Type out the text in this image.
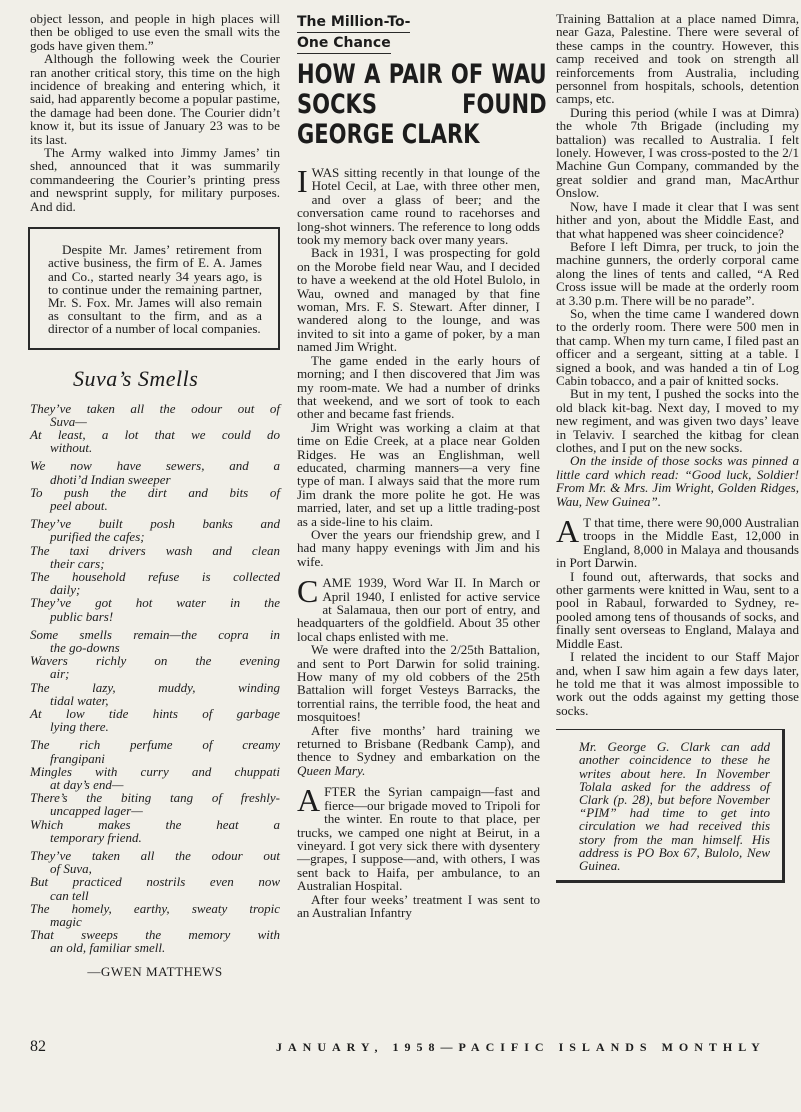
object lesson, and people in high places will then be obliged to use even the small wits the gods have given them.”

Although the following week the Courier ran another critical story, this time on the high incidence of breaking and entering which, it said, had apparently become a popular pastime, the damage had been done. The Courier didn’t know it, but its issue of January 23 was to be its last.

The Army walked into Jimmy James’ tin shed, announced that it was summarily commandeering the Courier’s printing press and newsprint supply, for military purposes. And did.

Despite Mr. James’ retirement from active business, the firm of E. A. James and Co., started nearly 34 years ago, is to continue under the remaining partner, Mr. S. Fox. Mr. James will also remain as consultant to the firm, and as a director of a number of local companies.

Suva’s Smells
They’ve taken all the odour out of
Suva—
At least, a lot that we could do
without.
We now have sewers, and a
dhoti’d Indian sweeper
To push the dirt and bits of
peel about.
They’ve built posh banks and
purified the cafes;
The taxi drivers wash and clean
their cars;
The household refuse is collected
daily;
They’ve got hot water in the
public bars!
Some smells remain—the copra in
the go-downs
Wavers richly on the evening
air;
The lazy, muddy, winding
tidal water,
At low tide hints of garbage
lying there.
The rich perfume of creamy
frangipani
Mingles with curry and chuppati
at day’s end—
There’s the biting tang of freshly-
uncapped lager—
Which makes the heat a
temporary friend.
They’ve taken all the odour out
of Suva,
But practiced nostrils even now
can tell
The homely, earthy, sweaty tropic
magic
That sweeps the memory with
an old, familiar smell.
—GWEN MATTHEWS
The Million-To-
One Chance
HOW A PAIR OF WAU SOCKS FOUND GEORGE CLARK

IWAS sitting recently in that lounge of the Hotel Cecil, at Lae, with three other men, and over a glass of beer; and the conversation came round to racehorses and long-shot winners. The reference to long odds took my memory back over many years.

Back in 1931, I was prospecting for gold on the Morobe field near Wau, and I decided to have a weekend at the old Hotel Bulolo, in Wau, owned and managed by that fine woman, Mrs. F. S. Stewart. After dinner, I wandered along to the lounge, and was invited to sit into a game of poker, by a man named Jim Wright.

The game ended in the early hours of morning; and I then discovered that Jim was my room-mate. We had a number of drinks that weekend, and we sort of took to each other and became fast friends.

Jim Wright was working a claim at that time on Edie Creek, at a place near Golden Ridges. He was an Englishman, well educated, charming manners—a very fine type of man. I always said that the more rum Jim drank the more polite he got. He was married, later, and set up a little trading-post as a side-line to his claim.

Over the years our friendship grew, and I had many happy evenings with Jim and his wife.

CAME 1939, Word War II. In March or April 1940, I enlisted for active service at Salamaua, then our port of entry, and headquarters of the goldfield. About 35 other local chaps enlisted with me.

We were drafted into the 2/25th Battalion, and sent to Port Darwin for solid training. How many of my old cobbers of the 25th Battalion will forget Vesteys Barracks, the torrential rains, the terrible food, the heat and mosquitoes!

After five months’ hard training we returned to Brisbane (Redbank Camp), and thence to Sydney and embarkation on the Queen Mary.

AFTER the Syrian campaign—fast and fierce—our brigade moved to Tripoli for the winter. En route to that place, per trucks, we camped one night at Beirut, in a vineyard. I got very sick there with dysentery—grapes, I suppose—and, with others, I was sent back to Haifa, per ambulance, to an Australian Hospital.

After four weeks’ treatment I was sent to an Australian Infantry

Training Battalion at a place named Dimra, near Gaza, Palestine. There were several of these camps in the country. However, this camp received and took on strength all reinforcements from Australia, including personnel from hospitals, schools, detention camps, etc.

During this period (while I was at Dimra) the whole 7th Brigade (including my battalion) was recalled to Australia. I felt lonely. However, I was cross-posted to the 2/1 Machine Gun Company, commanded by the great soldier and grand man, MacArthur Onslow.

Now, have I made it clear that I was sent hither and yon, about the Middle East, and that what happened was sheer coincidence?

Before I left Dimra, per truck, to join the machine gunners, the orderly corporal came along the lines of tents and called, “A Red Cross issue will be made at the orderly room at 3.30 p.m. There will be no parade”.

So, when the time came I wandered down to the orderly room. There were 500 men in that camp. When my turn came, I filed past an officer and a sergeant, sitting at a table. I signed a book, and was handed a tin of Log Cabin tobacco, and a pair of knitted socks.

But in my tent, I pushed the socks into the old black kit-bag. Next day, I moved to my new regiment, and was given two days’ leave in Telaviv. I searched the kitbag for clean clothes, and I put on the new socks.

On the inside of those socks was pinned a little card which read: “Good luck, Soldier! From Mr. & Mrs. Jim Wright, Golden Ridges, Wau, New Guinea”.

A T that time, there were 90,000 Australian troops in the Middle East, 12,000 in England, 8,000 in Malaya and thousands in Port Darwin.

I found out, afterwards, that socks and other garments were knitted in Wau, sent to a pool in Rabaul, forwarded to Sydney, re-pooled among tens of thousands of socks, and finally sent overseas to England, Malaya and Middle East.

I related the incident to our Staff Major and, when I saw him again a few days later, he told me that it was almost impossible to work out the odds against my getting those socks.

Mr. George G. Clark can add another coincidence to these he writes about here. In November Tolala asked for the address of Clark (p. 28), but before November “PIM” had time to get into circulation we had received this story from the man himself. His address is PO Box 67, Bulolo, New Guinea.
82	JANUARY, 1958—PACIFIC ISLANDS MONTHLY
